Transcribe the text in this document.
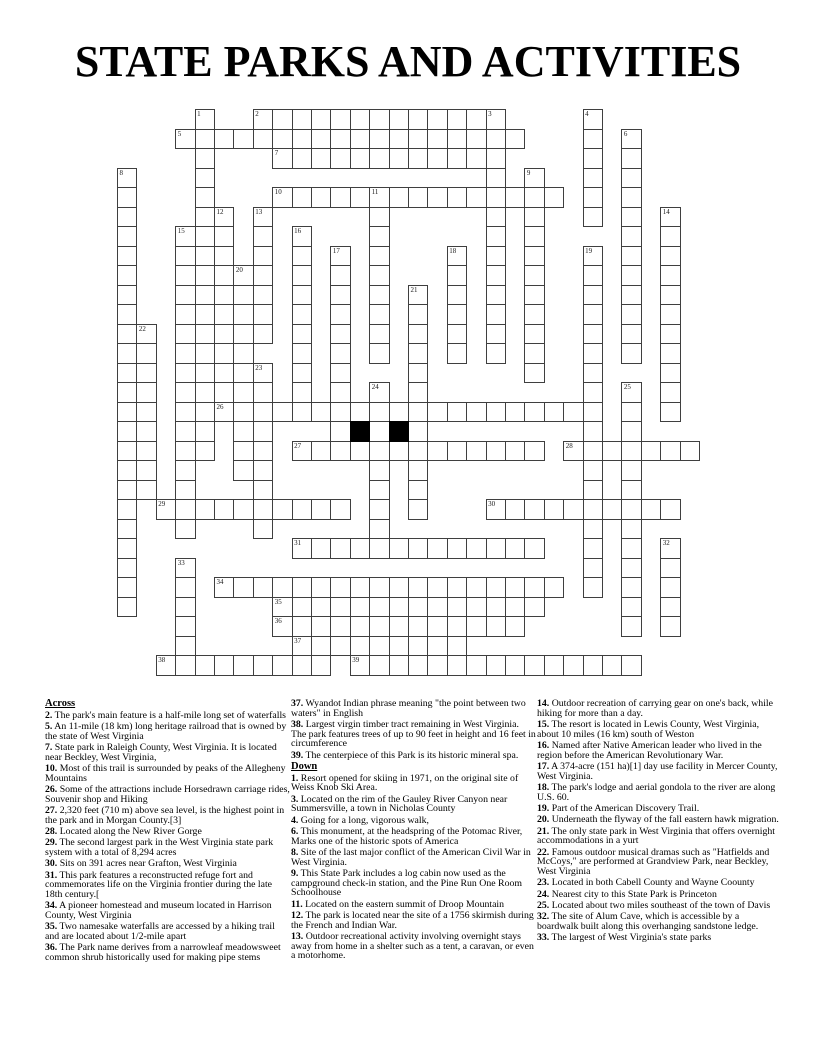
STATE PARKS AND ACTIVITIES
1	2	3	4
5	6
7
8	9
10	11
12	13	14
15	16
17	18	19
20
21
22
23
24	25
26
27	28
29	30
31	32
33
34
35
36
37
38	39
Across
2. The park's main feature is a half-mile long set of waterfalls
5. An 11-mile (18 km) long heritage railroad that is owned by the state of West Virginia
7. State park in Raleigh County, West Virginia. It is located near Beckley, West Virginia,
10. Most of this trail is surrounded by peaks of the Allegheny Mountains
26. Some of the attractions include Horsedrawn carriage rides, Souvenir shop and Hiking
27. 2,320 feet (710 m) above sea level, is the highest point in the park and in Morgan County.[3]
28. Located along the New River Gorge
29. The second largest park in the West Virginia state park system with a total of 8,294 acres
30. Sits on 391 acres near Grafton, West Virginia
31. This park features a reconstructed refuge fort and commemorates life on the Virginia frontier during the late 18th century.[
34. A pioneer homestead and museum located in Harrison County, West Virginia
35. Two namesake waterfalls are accessed by a hiking trail and are located about 1/2-mile apart
36. The Park name derives from a narrowleaf meadowsweet common shrub historically used for making pipe stems
37. Wyandot Indian phrase meaning "the point between two waters" in English
38. Largest virgin timber tract remaining in West Virginia. The park features trees of up to 90 feet in height and 16 feet in circumference
39. The centerpiece of this Park is its historic mineral spa.
Down
1. Resort opened for skiing in 1971, on the original site of Weiss Knob Ski Area.
3. Located on the rim of the Gauley River Canyon near Summersville, a town in Nicholas County
4. Going for a long, vigorous walk,
6. This monument, at the headspring of the Potomac River, Marks one of the historic spots of America
8. Site of the last major conflict of the American Civil War in West Virginia.
9. This State Park includes a log cabin now used as the campground check-in station, and the Pine Run One Room Schoolhouse
11. Located on the eastern summit of Droop Mountain
12. The park is located near the site of a 1756 skirmish during the French and Indian War.
13. Outdoor recreational activity involving overnight stays away from home in a shelter such as a tent, a caravan, or even a motorhome.
14. Outdoor recreation of carrying gear on one's back, while hiking for more than a day.
15. The resort is located in Lewis County, West Virginia, about 10 miles (16 km) south of Weston
16. Named after Native American leader who lived in the region before the American Revolutionary War.
17. A 374-acre (151 ha)[1] day use facility in Mercer County, West Virginia.
18. The park's lodge and aerial gondola to the river are along U.S. 60.
19. Part of the American Discovery Trail.
20. Underneath the flyway of the fall eastern hawk migration.
21. The only state park in West Virginia that offers overnight accommodations in a yurt
22. Famous outdoor musical dramas such as "Hatfields and McCoys," are performed at Grandview Park, near Beckley, West Virginia
23. Located in both Cabell County and Wayne Coounty
24. Nearest city to this State Park is Princeton
25. Located about two miles southeast of the town of Davis
32. The site of Alum Cave, which is accessible by a boardwalk built along this overhanging sandstone ledge.
33. The largest of West Virginia's state parks
